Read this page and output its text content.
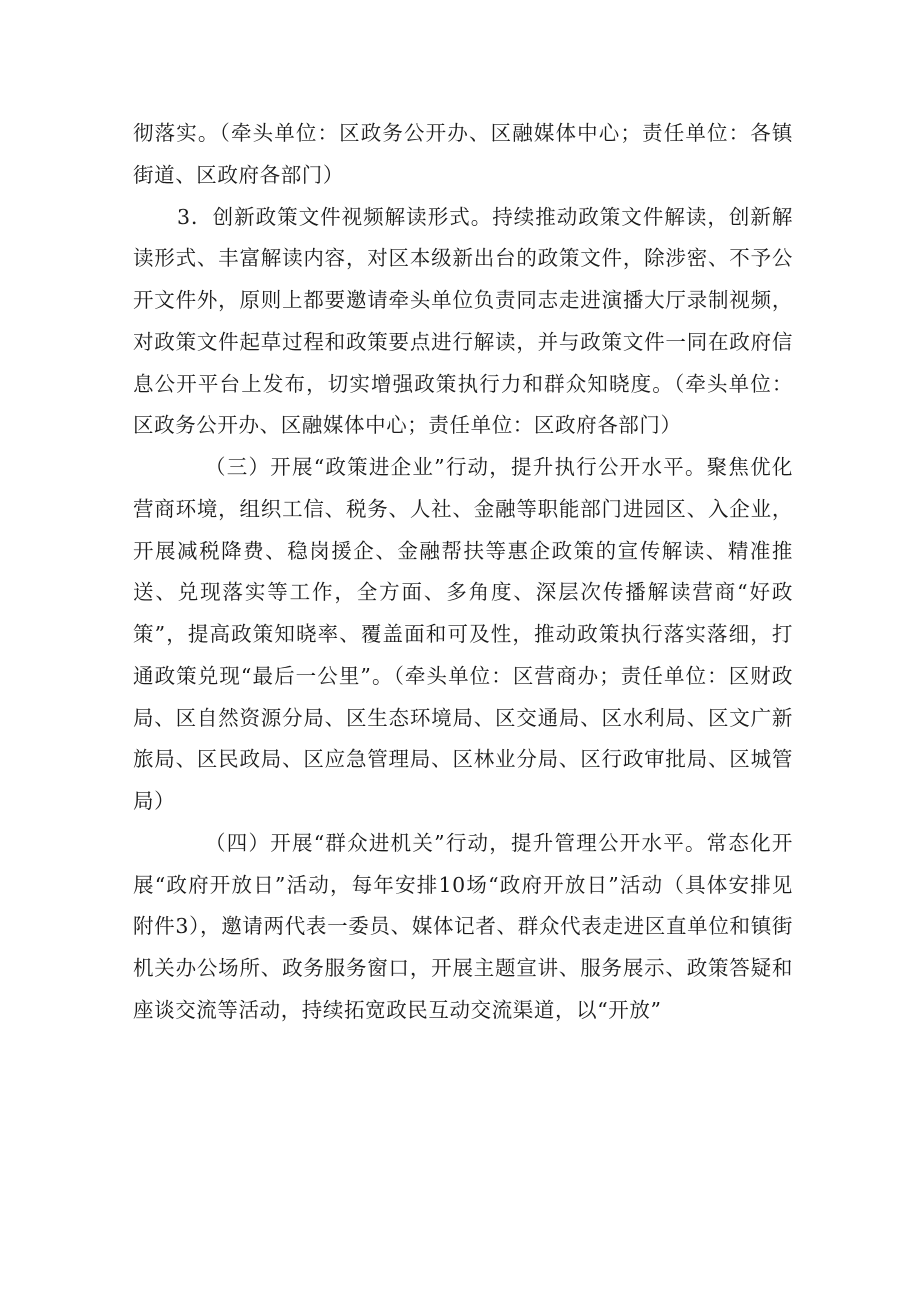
彻落实。（牵头单位：区政务公开办、区融媒体中心；责任单位：各镇街道、区政府各部门）

3．创新政策文件视频解读形式。持续推动政策文件解读，创新解读形式、丰富解读内容，对区本级新出台的政策文件，除涉密、不予公开文件外，原则上都要邀请牵头单位负责同志走进演播大厅录制视频，对政策文件起草过程和政策要点进行解读，并与政策文件一同在政府信息公开平台上发布，切实增强政策执行力和群众知晓度。（牵头单位：区政务公开办、区融媒体中心；责任单位：区政府各部门）

（三）开展“政策进企业”行动，提升执行公开水平。聚焦优化营商环境，组织工信、税务、人社、金融等职能部门进园区、入企业，开展减税降费、稳岗援企、金融帮扶等惠企政策的宣传解读、精准推送、兑现落实等工作，全方面、多角度、深层次传播解读营商“好政策”，提高政策知晓率、覆盖面和可及性，推动政策执行落实落细，打通政策兑现“最后一公里”。（牵头单位：区营商办；责任单位：区财政局、区自然资源分局、区生态环境局、区交通局、区水利局、区文广新旅局、区民政局、区应急管理局、区林业分局、区行政审批局、区城管局）

（四）开展“群众进机关”行动，提升管理公开水平。常态化开展“政府开放日”活动，每年安排10场“政府开放日”活动（具体安排见附件3），邀请两代表一委员、媒体记者、群众代表走进区直单位和镇街机关办公场所、政务服务窗口，开展主题宣讲、服务展示、政策答疑和座谈交流等活动，持续拓宽政民互动交流渠道，以“开放”
